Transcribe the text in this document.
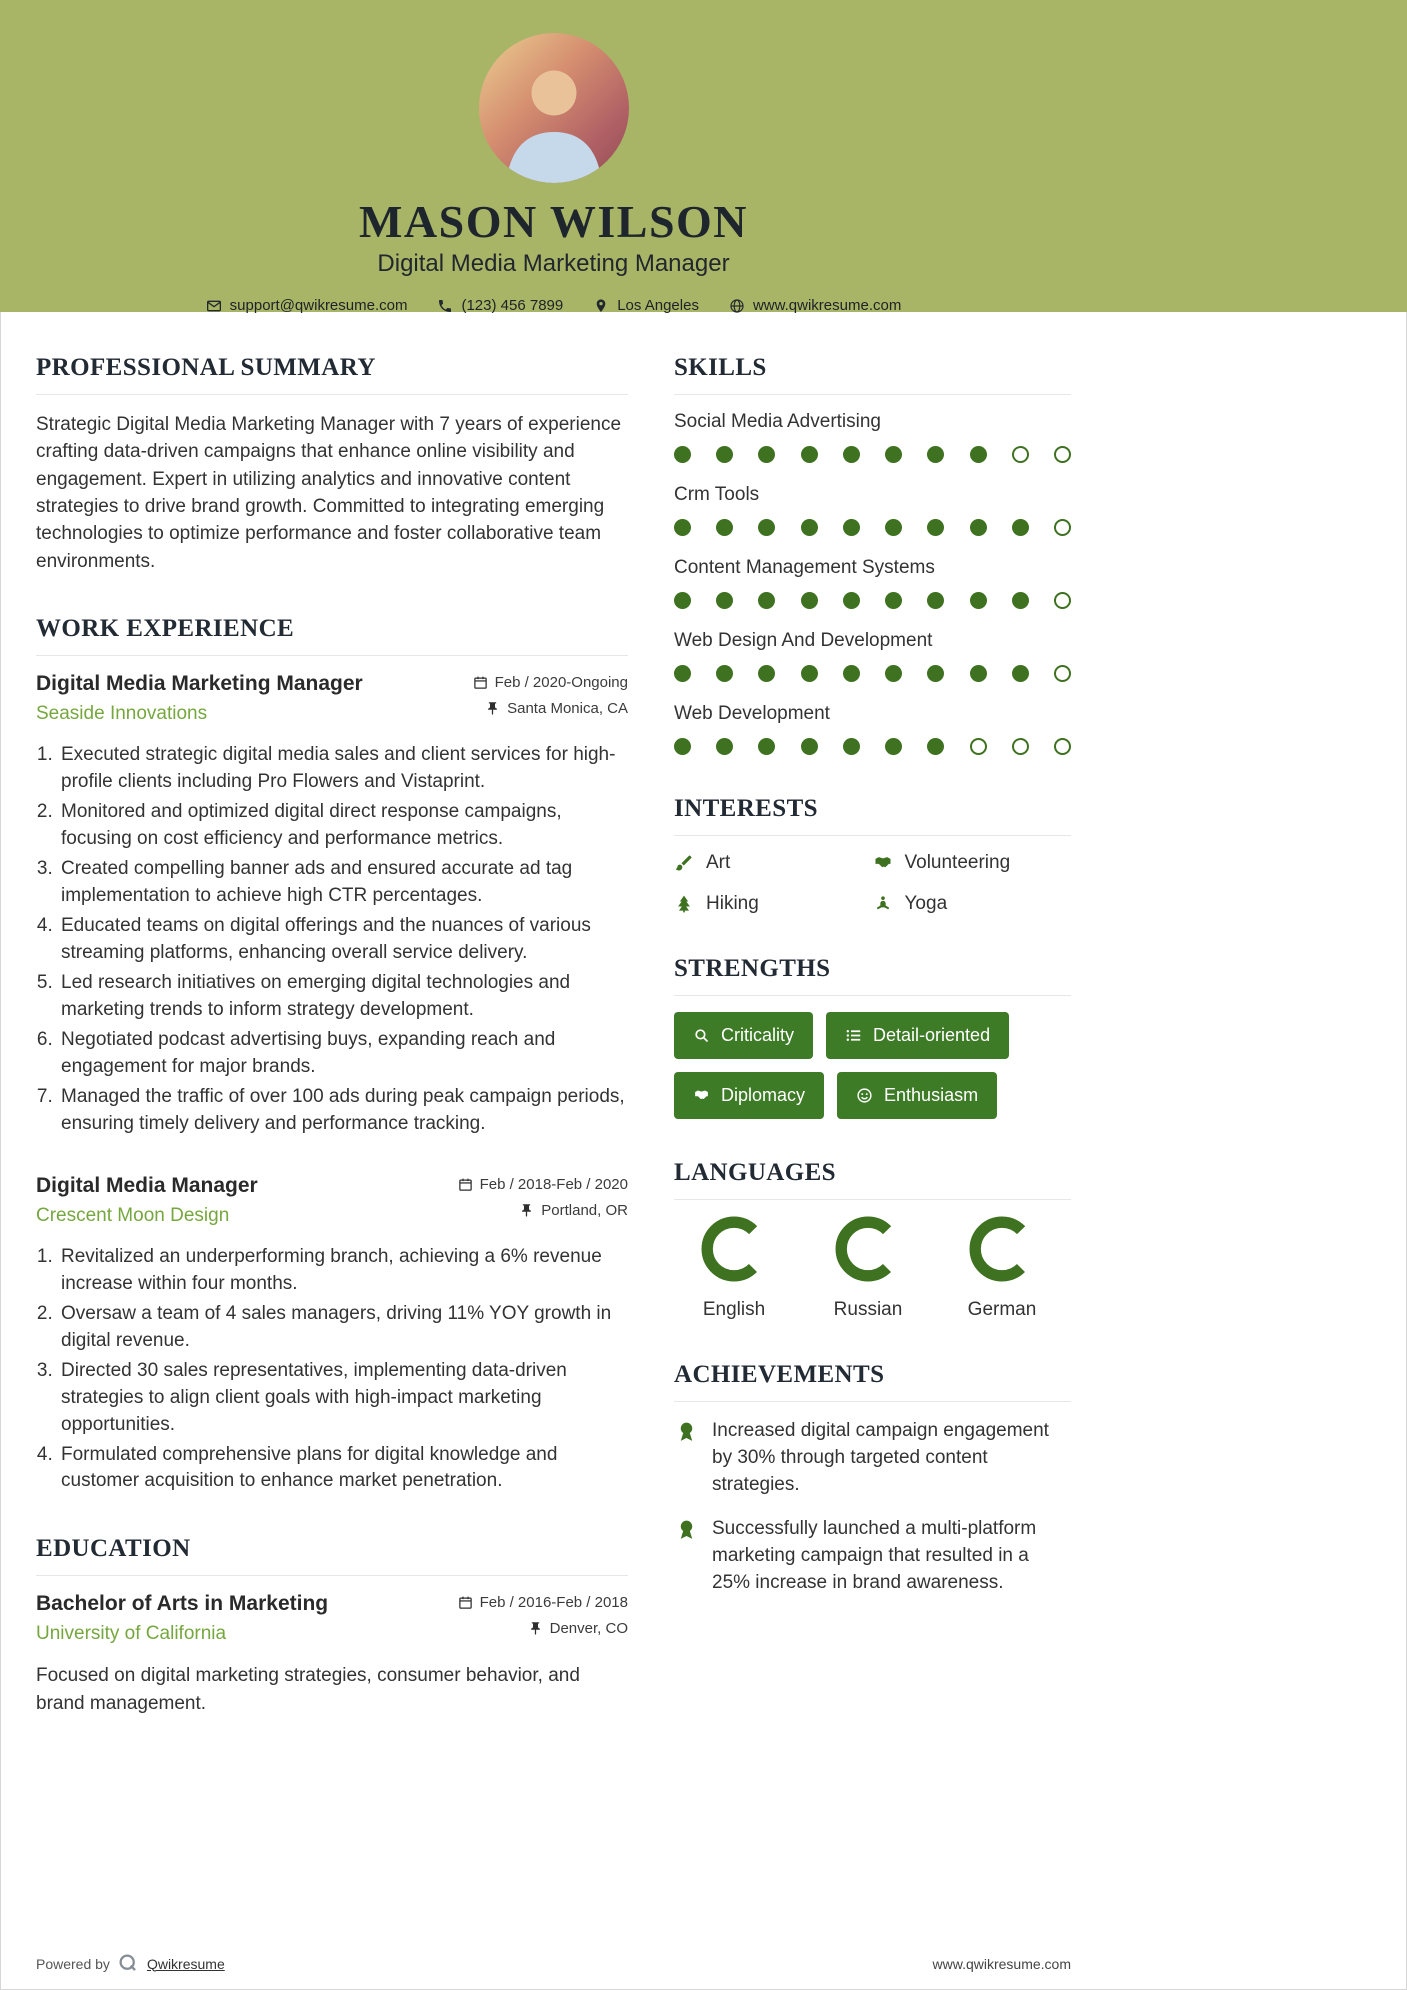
MASON WILSON
Digital Media Marketing Manager
support@qwikresume.com	(123) 456 7899	Los Angeles	www.qwikresume.com
PROFESSIONAL SUMMARY

Strategic Digital Media Marketing Manager with 7 years of experience crafting data-driven campaigns that enhance online visibility and engagement. Expert in utilizing analytics and innovative content strategies to drive brand growth. Committed to integrating emerging technologies to optimize performance and foster collaborative team environments.

WORK EXPERIENCE
Digital Media Marketing Manager
Seaside Innovations
Feb / 2020-Ongoing
Santa Monica, CA
1. Executed strategic digital media sales and client services for high-profile clients including Pro Flowers and Vistaprint.
2. Monitored and optimized digital direct response campaigns, focusing on cost efficiency and performance metrics.
3. Created compelling banner ads and ensured accurate ad tag implementation to achieve high CTR percentages.
4. Educated teams on digital offerings and the nuances of various streaming platforms, enhancing overall service delivery.
5. Led research initiatives on emerging digital technologies and marketing trends to inform strategy development.
6. Negotiated podcast advertising buys, expanding reach and engagement for major brands.
7. Managed the traffic of over 100 ads during peak campaign periods, ensuring timely delivery and performance tracking.
Digital Media Manager
Crescent Moon Design
Feb / 2018-Feb / 2020
Portland, OR
1. Revitalized an underperforming branch, achieving a 6% revenue increase within four months.
2. Oversaw a team of 4 sales managers, driving 11% YOY growth in digital revenue.
3. Directed 30 sales representatives, implementing data-driven strategies to align client goals with high-impact marketing opportunities.
4. Formulated comprehensive plans for digital knowledge and customer acquisition to enhance market penetration.
EDUCATION
Bachelor of Arts in Marketing
University of California
Feb / 2016-Feb / 2018
Denver, CO

Focused on digital marketing strategies, consumer behavior, and brand management.

SKILLS
Social Media Advertising
Crm Tools
Content Management Systems
Web Design And Development
Web Development
INTERESTS
Art	Volunteering
Hiking	Yoga
STRENGTHS
Criticality	Detail-oriented
Diplomacy	Enthusiasm
LANGUAGES
English	Russian	German
ACHIEVEMENTS
Increased digital campaign engagement by 30% through targeted content strategies.
Successfully launched a multi-platform marketing campaign that resulted in a 25% increase in brand awareness.
Powered by	Qwikresume	www.qwikresume.com
